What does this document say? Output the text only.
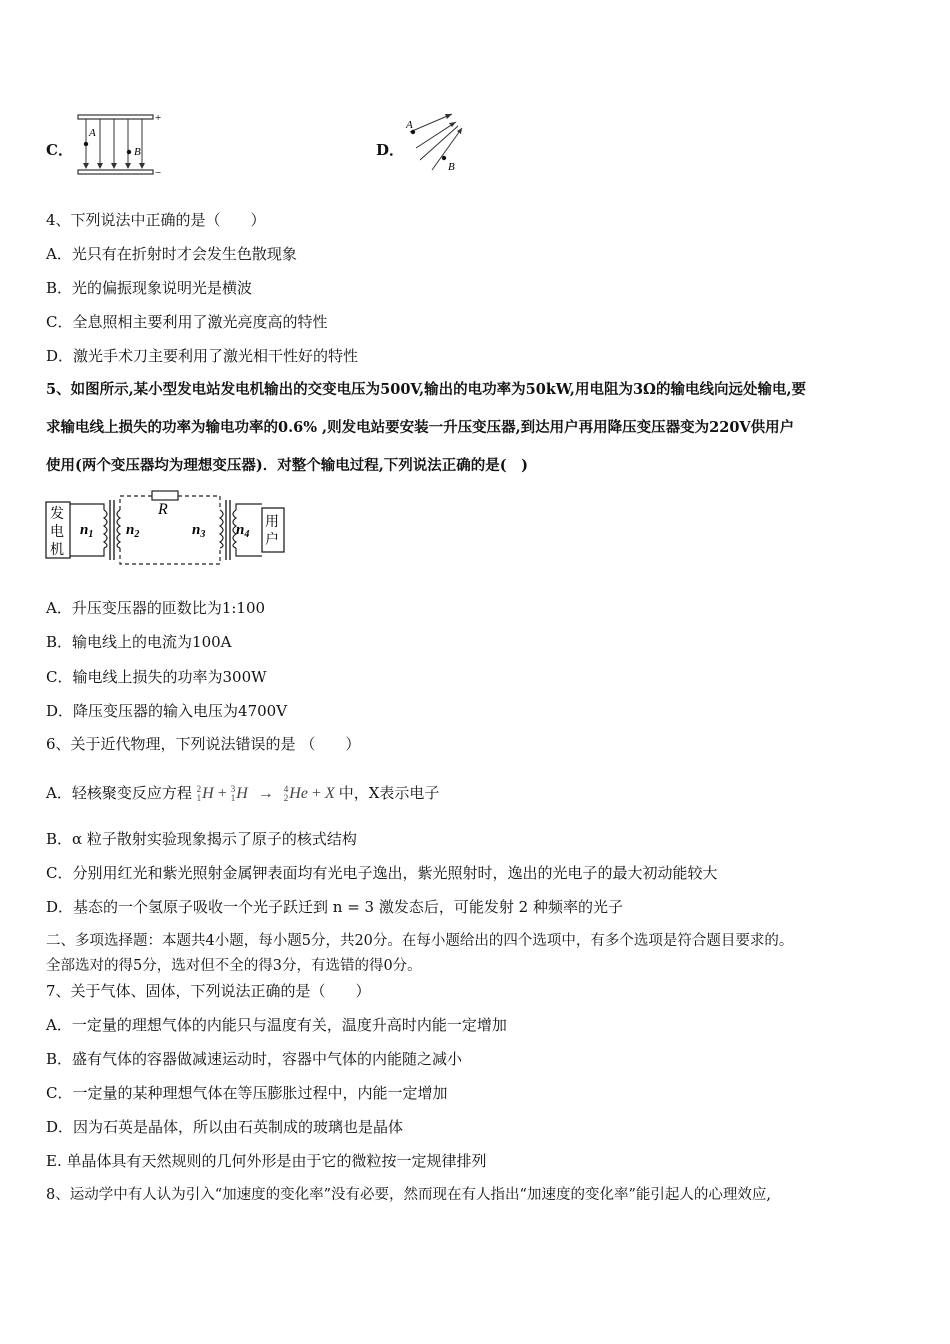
C．
A
B
+
−
D．
A
B
4、下列说法中正确的是（　　）
A．光只有在折射时才会发生色散现象
B．光的偏振现象说明光是横波
C．全息照相主要利用了激光亮度高的特性
D．激光手术刀主要利用了激光相干性好的特性
5、如图所示,某小型发电站发电机输出的交变电压为500V,输出的电功率为50kW,用电阻为3Ω的输电线向远处输电,要
求输电线上损失的功率为输电功率的0.6% ,则发电站要安装一升压变压器,到达用户再用降压变压器变为220V供用户
使用(两个变压器均为理想变压器)．对整个输电过程,下列说法正确的是(　)
发
电
机
$n_1$ $n_2$
R
$n_3$ $n_4$
用
户
A．升压变压器的匝数比为1:100
B．输电线上的电流为100A
C．输电线上损失的功率为300W
D．降压变压器的输入电压为4700V
6、关于近代物理，下列说法错误的是 （　　）
A．轻核聚变反应方程 2
1H + 3
1H → 4
2He + X 中，X表示电子
B．α 粒子散射实验现象揭示了原子的核式结构
C．分别用红光和紫光照射金属钾表面均有光电子逸出，紫光照射时，逸出的光电子的最大初动能较大
D．基态的一个氢原子吸收一个光子跃迁到 n = 3 激发态后，可能发射 2 种频率的光子
二、多项选择题：本题共4小题，每小题5分，共20分。在每小题给出的四个选项中，有多个选项是符合题目要求的。
全部选对的得5分，选对但不全的得3分，有选错的得0分。
7、关于气体、固体，下列说法正确的是（　　）
A．一定量的理想气体的内能只与温度有关，温度升高时内能一定增加
B．盛有气体的容器做减速运动时，容器中气体的内能随之减小
C．一定量的某种理想气体在等压膨胀过程中，内能一定增加
D．因为石英是晶体，所以由石英制成的玻璃也是晶体
E. 单晶体具有天然规则的几何外形是由于它的微粒按一定规律排列
8、运动学中有人认为引入“加速度的变化率”没有必要，然而现在有人指出“加速度的变化率”能引起人的心理效应,
